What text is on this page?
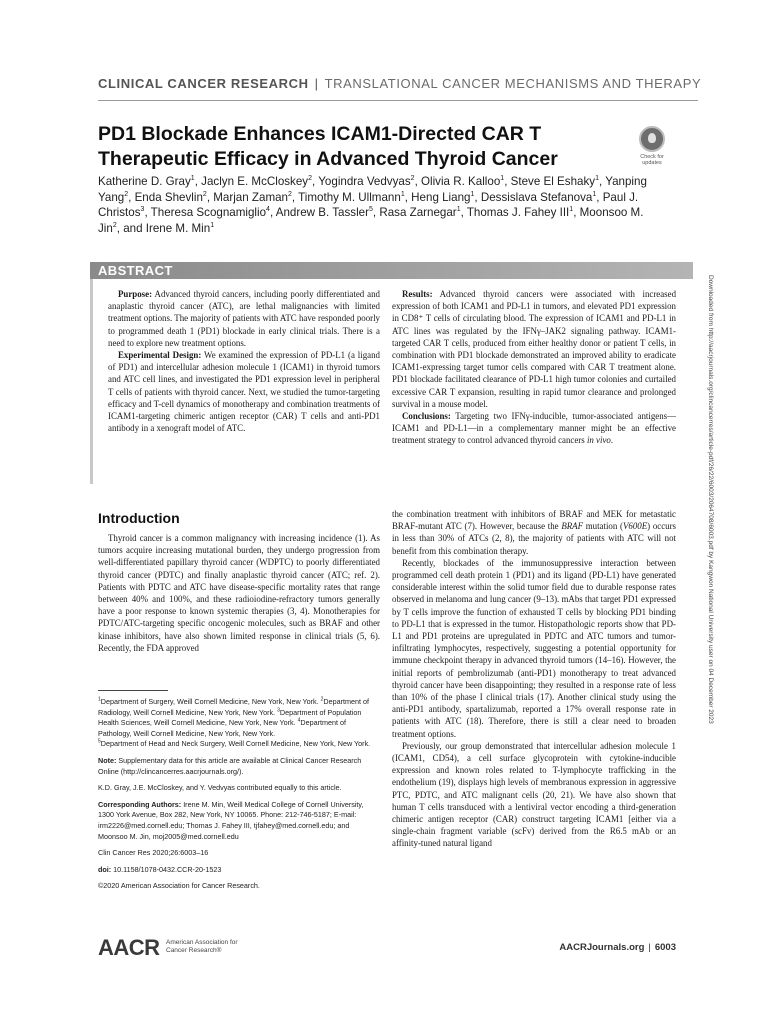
CLINICAL CANCER RESEARCH | TRANSLATIONAL CANCER MECHANISMS AND THERAPY
PD1 Blockade Enhances ICAM1-Directed CAR T Therapeutic Efficacy in Advanced Thyroid Cancer	Check for updates
Katherine D. Gray$^1$, Jaclyn E. McCloskey$^2$, Yogindra Vedvyas$^2$, Olivia R. Kalloo$^1$, Steve El Eshaky$^1$, Yanping Yang$^2$, Enda Shevlin$^2$, Marjan Zaman$^2$, Timothy M. Ullmann$^1$, Heng Liang$^1$, Dessislava Stefanova$^1$, Paul J. Christos$^3$, Theresa Scognamiglio$^4$, Andrew B. Tassler$^5$, Rasa Zarnegar$^1$, Thomas J. Fahey III$^1$, Moonsoo M. Jin$^2$, and Irene M. Min$^1$
ABSTRACT

Purpose: Advanced thyroid cancers, including poorly differentiated and anaplastic thyroid cancer (ATC), are lethal malignancies with limited treatment options. The majority of patients with ATC have responded poorly to programmed death 1 (PD1) blockade in early clinical trials. There is a need to explore new treatment options.

Experimental Design: We examined the expression of PD-L1 (a ligand of PD1) and intercellular adhesion molecule 1 (ICAM1) in thyroid tumors and ATC cell lines, and investigated the PD1 expression level in peripheral T cells of patients with thyroid cancer. Next, we studied the tumor-targeting efficacy and T-cell dynamics of monotherapy and combination treatments of ICAM1-targeting chimeric antigen receptor (CAR) T cells and anti-PD1 antibody in a xenograft model of ATC.

Results: Advanced thyroid cancers were associated with increased expression of both ICAM1 and PD-L1 in tumors, and elevated PD1 expression in CD8⁺ T cells of circulating blood. The expression of ICAM1 and PD-L1 in ATC lines was regulated by the IFNγ–JAK2 signaling pathway. ICAM1-targeted CAR T cells, produced from either healthy donor or patient T cells, in combination with PD1 blockade demonstrated an improved ability to eradicate ICAM1-expressing target tumor cells compared with CAR T treatment alone. PD1 blockade facilitated clearance of PD-L1 high tumor colonies and curtailed excessive CAR T expansion, resulting in rapid tumor clearance and prolonged survival in a mouse model.

Conclusions: Targeting two IFNγ-inducible, tumor-associated antigens—ICAM1 and PD-L1—in a complementary manner might be an effective treatment strategy to control advanced thyroid cancers in vivo.

Introduction

Thyroid cancer is a common malignancy with increasing incidence (1). As tumors acquire increasing mutational burden, they undergo progression from well-differentiated papillary thyroid cancer (WDPTC) to poorly differentiated thyroid cancer (PDTC) and finally anaplastic thyroid cancer (ATC; ref. 2). Patients with PDTC and ATC have disease-specific mortality rates that range between 40% and 100%, and these radioiodine-refractory tumors generally have a poor response to known systemic therapies (3, 4). Monotherapies for PDTC/ATC-targeting specific oncogenic molecules, such as BRAF and other kinase inhibitors, have also shown limited response in clinical trials (5, 6). Recently, the FDA approved

the combination treatment with inhibitors of BRAF and MEK for metastatic BRAF-mutant ATC (7). However, because the BRAF mutation (V600E) occurs in less than 30% of ATCs (2, 8), the majority of patients with ATC will not benefit from this combination therapy.

Recently, blockades of the immunosuppressive interaction between programmed cell death protein 1 (PD1) and its ligand (PD-L1) have generated considerable interest within the solid tumor field due to durable response rates observed in melanoma and lung cancer (9–13). mAbs that target PD1 expressed by T cells improve the function of exhausted T cells by blocking PD1 binding to PD-L1 that is expressed in the tumor. Histopathologic reports show that PD-L1 and PD1 proteins are upregulated in PDTC and ATC tumors and tumor-infiltrating lymphocytes, respectively, suggesting a potential opportunity for immune checkpoint therapy in advanced thyroid tumors (14–16). However, the initial reports of pembrolizumab (anti-PD1) monotherapy to treat advanced thyroid cancer have been disappointing; they resulted in a response rate of less than 10% of the phase I clinical trials (17). Another clinical study using the anti-PD1 antibody, spartalizumab, reported a 17% overall response rate in patients with ATC (18). Therefore, there is still a clear need to broaden treatment options.

Previously, our group demonstrated that intercellular adhesion molecule 1 (ICAM1, CD54), a cell surface glycoprotein with cytokine-inducible expression and known roles related to T-lymphocyte trafficking in the endothelium (19), displays high levels of membranous expression in aggressive PTC, PDTC, and ATC malignant cells (20, 21). We have also shown that human T cells transduced with a lentiviral vector encoding a third-generation chimeric antigen receptor (CAR) construct targeting ICAM1 [either via a single-chain fragment variable (scFv) derived from the R6.5 mAb or an affinity-tuned natural ligand

$^1$Department of Surgery, Weill Cornell Medicine, New York, New York. $^2$Department of Radiology, Weill Cornell Medicine, New York, New York. $^3$Department of Population Health Sciences, Weill Cornell Medicine, New York, New York. $^4$Department of Pathology, Weill Cornell Medicine, New York, New York.
$^5$Department of Head and Neck Surgery, Weill Cornell Medicine, New York, New York.

Note: Supplementary data for this article are available at Clinical Cancer Research Online (http://clincancerres.aacrjournals.org/).

K.D. Gray, J.E. McCloskey, and Y. Vedvyas contributed equally to this article.

Corresponding Authors: Irene M. Min, Weill Medical College of Cornell University, 1300 York Avenue, Box 282, New York, NY 10065. Phone: 212-746-5187; E-mail: irm2226@med.cornell.edu; Thomas J. Fahey III, tjfahey@med.cornell.edu; and Moonsoo M. Jin, moj2005@med.cornell.edu

Clin Cancer Res 2020;26:6003–16

doi: 10.1158/1078-0432.CCR-20-1523

©2020 American Association for Cancer Research.

AACR American Association for Cancer Research®	AACRJournals.org | 6003
Downloaded from http://aacrjournals.org/clincancerres/article-pdf/26/22/6003/2064708/6003.pdf by Kangwon National University user on 04 December 2023
